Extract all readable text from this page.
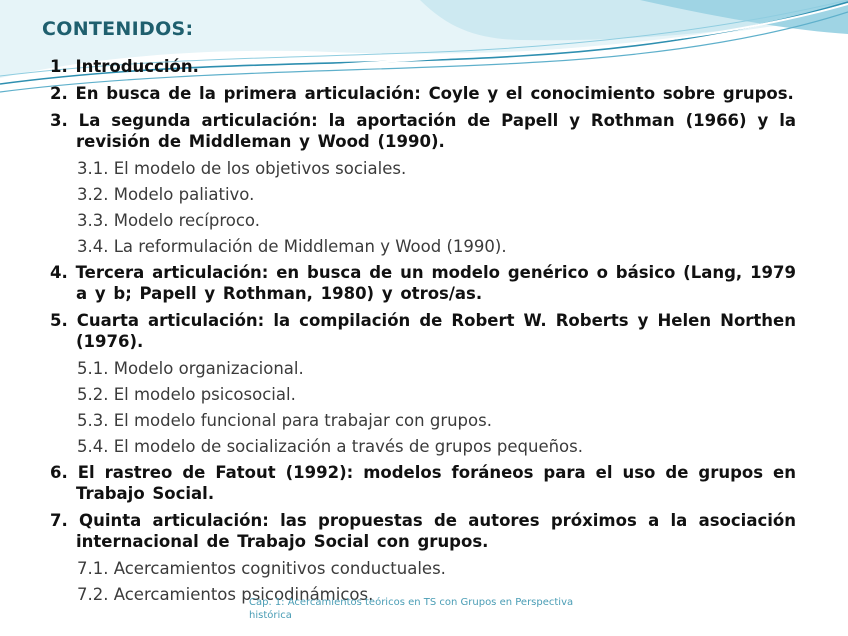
CONTENIDOS:
1. Introducción.
2. En busca de la primera articulación: Coyle y el conocimiento sobre grupos.
3. La segunda articulación: la aportación de Papell y Rothman (1966) y la revisión de Middleman y Wood (1990).
3.1. El modelo de los objetivos sociales.
3.2. Modelo paliativo.
3.3. Modelo recíproco.
3.4. La reformulación de Middleman y Wood (1990).
4. Tercera articulación: en busca de un modelo genérico o básico (Lang, 1979 a y b; Papell y Rothman, 1980) y otros/as.
5. Cuarta articulación: la compilación de Robert W. Roberts y Helen Northen (1976).
5.1. Modelo organizacional.
5.2. El modelo psicosocial.
5.3. El modelo funcional para trabajar con grupos.
5.4. El modelo de socialización a través de grupos pequeños.
6. El rastreo de Fatout (1992): modelos foráneos para el uso de grupos en Trabajo Social.
7. Quinta articulación: las propuestas de autores próximos a la asociación internacional de Trabajo Social con grupos.
7.1. Acercamientos cognitivos conductuales.
7.2. Acercamientos psicodinámicos.
Cap. 1: Acercamientos teóricos en TS con Grupos en Perspectiva histórica
